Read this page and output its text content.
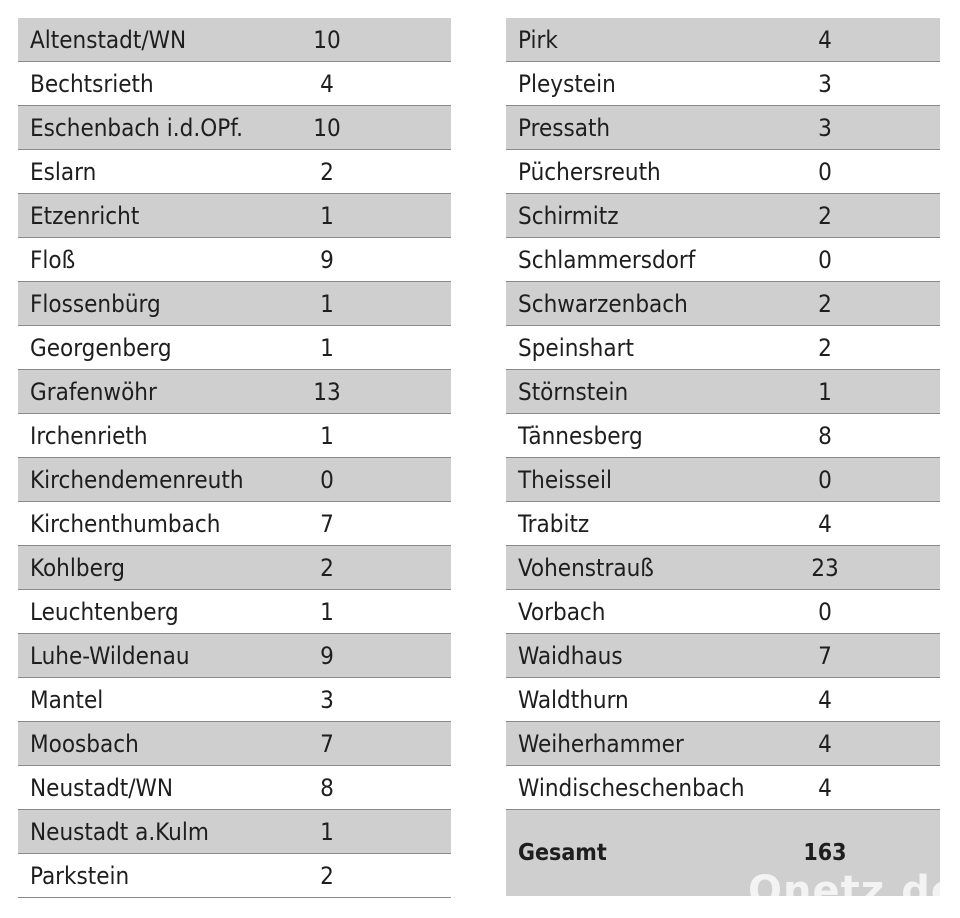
Altenstadt/WN	10
Bechtsrieth	4
Eschenbach i.d.OPf.	10
Eslarn	2
Etzenricht	1
Floß	9
Flossenbürg	1
Georgenberg	1
Grafenwöhr	13
Irchenrieth	1
Kirchendemenreuth	0
Kirchenthumbach	7
Kohlberg	2
Leuchtenberg	1
Luhe-Wildenau	9
Mantel	3
Moosbach	7
Neustadt/WN	8
Neustadt a.Kulm	1
Parkstein	2
Pirk	4
Pleystein	3
Pressath	3
Püchersreuth	0
Schirmitz	2
Schlammersdorf	0
Schwarzenbach	2
Speinshart	2
Störnstein	1
Tännesberg	8
Theisseil	0
Trabitz	4
Vohenstrauß	23
Vorbach	0
Waidhaus	7
Waldthurn	4
Weiherhammer	4
Windischeschenbach	4
Gesamt	163
Onetz.de
